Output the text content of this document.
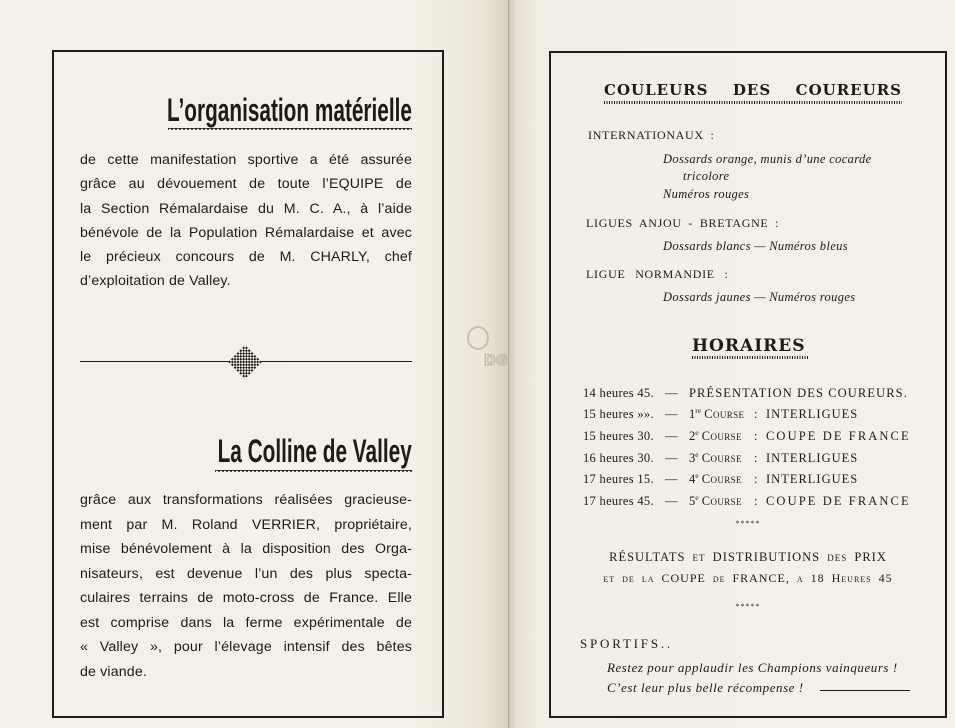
L’organisation matérielle
de cette manifestation sportive a été assurée
grâce au dévouement de toute l’EQUIPE de
la Section Rémalardaise du M. C. A., à l’aide
bénévole de la Population Rémalardaise et avec
le précieux concours de M. CHARLY, chef
d’exploitation de Valley.
La Colline de Valley
grâce aux transformations réalisées gracieuse-
ment par M. Roland VERRIER, propriétaire,
mise bénévolement à la disposition des Orga-
nisateurs, est devenue l’un des plus specta-
culaires terrains de moto-cross de France. Elle
est comprise dans la ferme expérimentale de
« Valley », pour l’élevage intensif des bêtes
de viande.
DG
COULEURS DES COUREURS
INTERNATIONAUX :
Dossards orange, munis d’une cocarde
tricolore
Numéros rouges
LIGUES ANJOU - BRETAGNE :
Dossards blancs — Numéros bleus
LIGUE NORMANDIE :
Dossards jaunes — Numéros rouges
HORAIRES
14 heures 45. — PRÉSENTATION DES COUREURS.
15 heures »». — 1re Course : INTERLIGUES
15 heures 30. — 2e Course : COUPE DE FRANCE
16 heures 30. — 3e Course : INTERLIGUES
17 heures 15. — 4e Course : INTERLIGUES
17 heures 45. — 5e Course : COUPE DE FRANCE
*****
RÉSULTATS et DISTRIBUTIONS des PRIX
et de la COUPE de FRANCE, a 18 Heures 45
*****
SPORTIFS..
Restez pour applaudir les Champions vainqueurs !
C’est leur plus belle récompense !
